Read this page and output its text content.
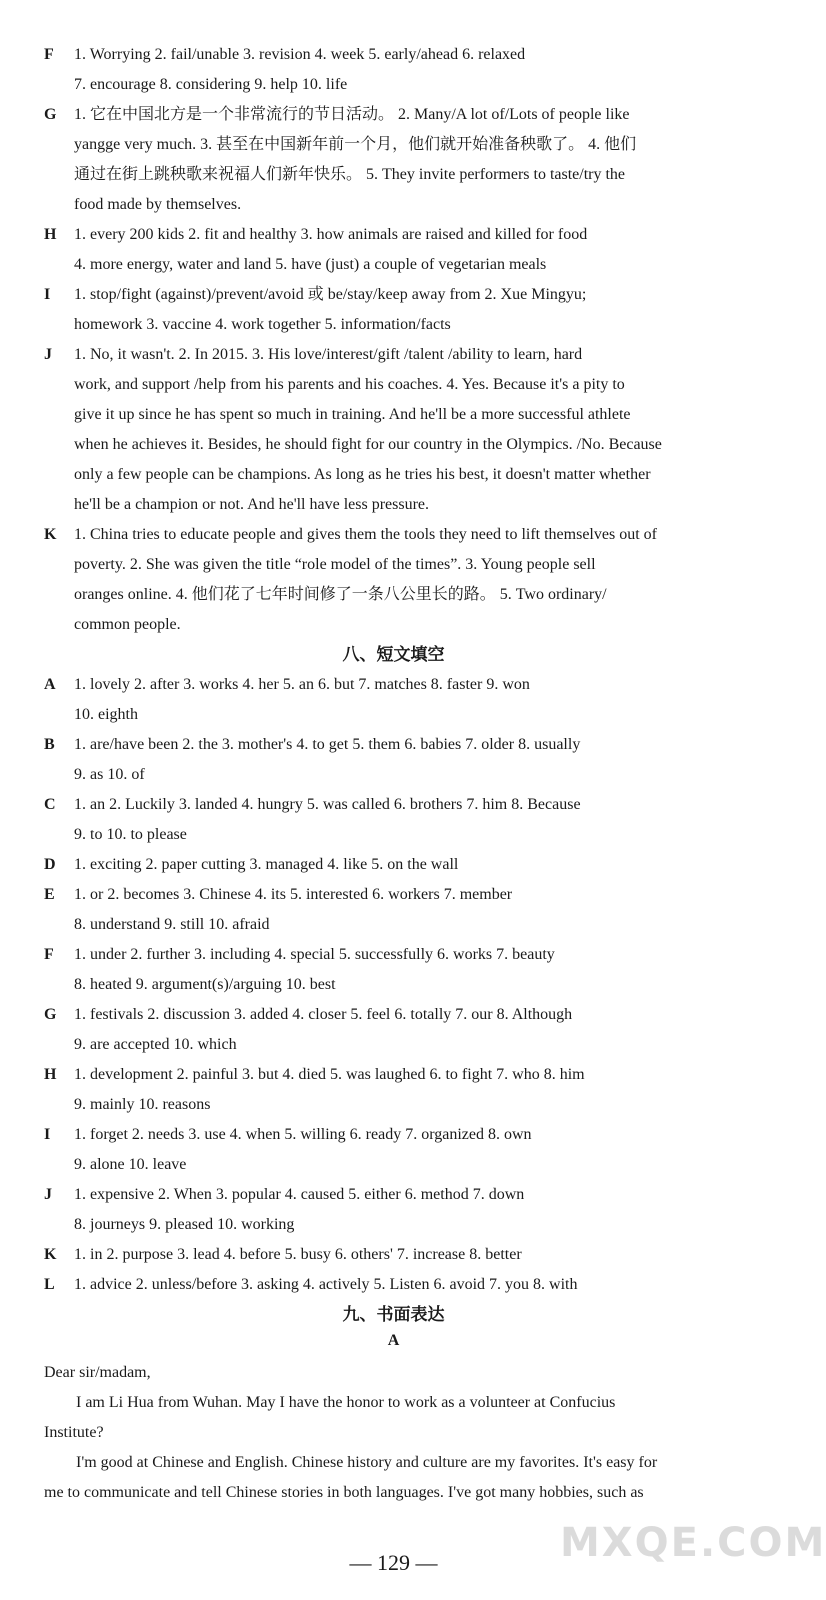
F 1. Worrying 2. fail/unable 3. revision 4. week 5. early/ahead 6. relaxed
7. encourage 8. considering 9. help 10. life
G 1. 它在中国北方是一个非常流行的节日活动。 2. Many/A lot of/Lots of people like
yangge very much. 3. 甚至在中国新年前一个月，他们就开始准备秧歌了。 4. 他们
通过在街上跳秧歌来祝福人们新年快乐。 5. They invite performers to taste/try the
food made by themselves.
H 1. every 200 kids 2. fit and healthy 3. how animals are raised and killed for food
4. more energy, water and land 5. have (just) a couple of vegetarian meals
I 1. stop/fight (against)/prevent/avoid 或 be/stay/keep away from 2. Xue Mingyu;
homework 3. vaccine 4. work together 5. information/facts
J 1. No, it wasn't. 2. In 2015. 3. His love/interest/gift /talent /ability to learn, hard
work, and support /help from his parents and his coaches. 4. Yes. Because it's a pity to
give it up since he has spent so much in training. And he'll be a more successful athlete
when he achieves it. Besides, he should fight for our country in the Olympics. /No. Because
only a few people can be champions. As long as he tries his best, it doesn't matter whether
he'll be a champion or not. And he'll have less pressure.
K 1. China tries to educate people and gives them the tools they need to lift themselves out of
poverty. 2. She was given the title “role model of the times”. 3. Young people sell
oranges online. 4. 他们花了七年时间修了一条八公里长的路。 5. Two ordinary/
common people.
八、短文填空
A 1. lovely 2. after 3. works 4. her 5. an 6. but 7. matches 8. faster 9. won
10. eighth
B 1. are/have been 2. the 3. mother's 4. to get 5. them 6. babies 7. older 8. usually
9. as 10. of
C 1. an 2. Luckily 3. landed 4. hungry 5. was called 6. brothers 7. him 8. Because
9. to 10. to please
D 1. exciting 2. paper cutting 3. managed 4. like 5. on the wall
E 1. or 2. becomes 3. Chinese 4. its 5. interested 6. workers 7. member
8. understand 9. still 10. afraid
F 1. under 2. further 3. including 4. special 5. successfully 6. works 7. beauty
8. heated 9. argument(s)/arguing 10. best
G 1. festivals 2. discussion 3. added 4. closer 5. feel 6. totally 7. our 8. Although
9. are accepted 10. which
H 1. development 2. painful 3. but 4. died 5. was laughed 6. to fight 7. who 8. him
9. mainly 10. reasons
I 1. forget 2. needs 3. use 4. when 5. willing 6. ready 7. organized 8. own
9. alone 10. leave
J 1. expensive 2. When 3. popular 4. caused 5. either 6. method 7. down
8. journeys 9. pleased 10. working
K 1. in 2. purpose 3. lead 4. before 5. busy 6. others' 7. increase 8. better
L 1. advice 2. unless/before 3. asking 4. actively 5. Listen 6. avoid 7. you 8. with
九、书面表达
A
Dear sir/madam,
I am Li Hua from Wuhan. May I have the honor to work as a volunteer at Confucius
Institute?
I'm good at Chinese and English. Chinese history and culture are my favorites. It's easy for
me to communicate and tell Chinese stories in both languages. I've got many hobbies, such as
MXQE.COM
— 129 —
